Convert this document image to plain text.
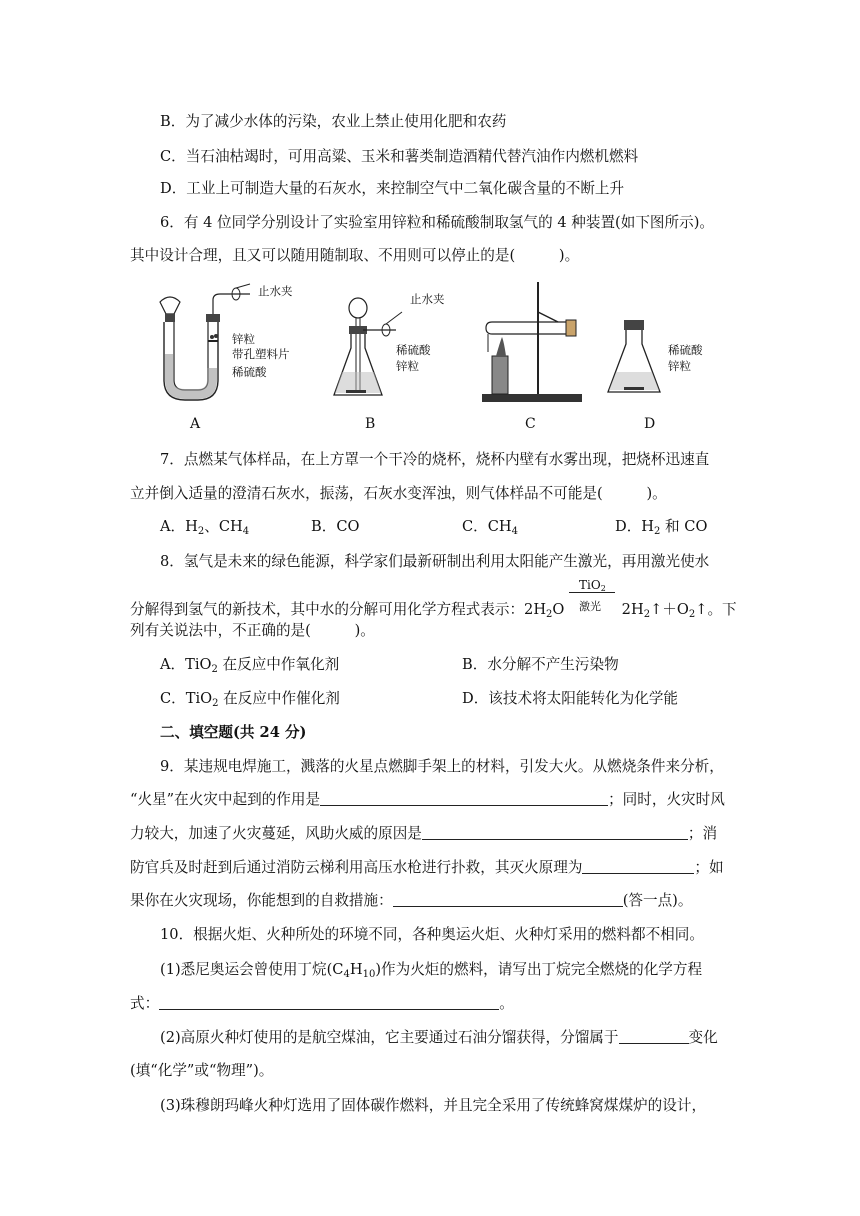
B．为了减少水体的污染，农业上禁止使用化肥和农药
C．当石油枯竭时，可用高粱、玉米和薯类制造酒精代替汽油作内燃机燃料
D．工业上可制造大量的石灰水，来控制空气中二氧化碳含量的不断上升
6．有 4 位同学分别设计了实验室用锌粒和稀硫酸制取氢气的 4 种装置(如下图所示)。
其中设计合理，且又可以随用随制取、不用则可以停止的是(　　　)。
止水夹
锌粒
带孔塑料片
稀硫酸
A
止水夹
稀硫酸
锌粒
B	C
稀硫酸
锌粒
D
7．点燃某气体样品，在上方罩一个干冷的烧杯，烧杯内壁有水雾出现，把烧杯迅速直
立并倒入适量的澄清石灰水，振荡，石灰水变浑浊，则气体样品不可能是(　　　)。
A．$H_2$、$CH_4$	B．CO	C．$CH_4$	D．$H_2$ 和 CO
8．氢气是未来的绿色能源，科学家们最新研制出利用太阳能产生激光，再用激光使水
分解得到氢气的新技术，其中水的分解可用化学方程式表示：$2H_2O \frac{\text{TiO2}}{\text{激光}}$ $2H_2↑+O_2↑$。下
列有关说法中，不正确的是(　　　)。
A．TiO$_2$ 在反应中作氧化剂	B．水分解不产生污染物
C．TiO$_2$ 在反应中作催化剂	D．该技术将太阳能转化为化学能
二、填空题(共 24 分)
9．某违规电焊施工，溅落的火星点燃脚手架上的材料，引发大火。从燃烧条件来分析，
“火星”在火灾中起到的作用是	；同时，火灾时风
力较大，加速了火灾蔓延，风助火威的原因是	；消
防官兵及时赶到后通过消防云梯利用高压水枪进行扑救，其灭火原理为	；如
果你在火灾现场，你能想到的自救措施：	(答一点)。
10．根据火炬、火种所处的环境不同，各种奥运火炬、火种灯采用的燃料都不相同。
(1)悉尼奥运会曾使用丁烷$(C_4H_{10})$作为火炬的燃料，请写出丁烷完全燃烧的化学方程
式：	。
(2)高原火种灯使用的是航空煤油，它主要通过石油分馏获得，分馏属于	变化
(填“化学”或“物理”)。
(3)珠穆朗玛峰火种灯选用了固体碳作燃料，并且完全采用了传统蜂窝煤煤炉的设计，
